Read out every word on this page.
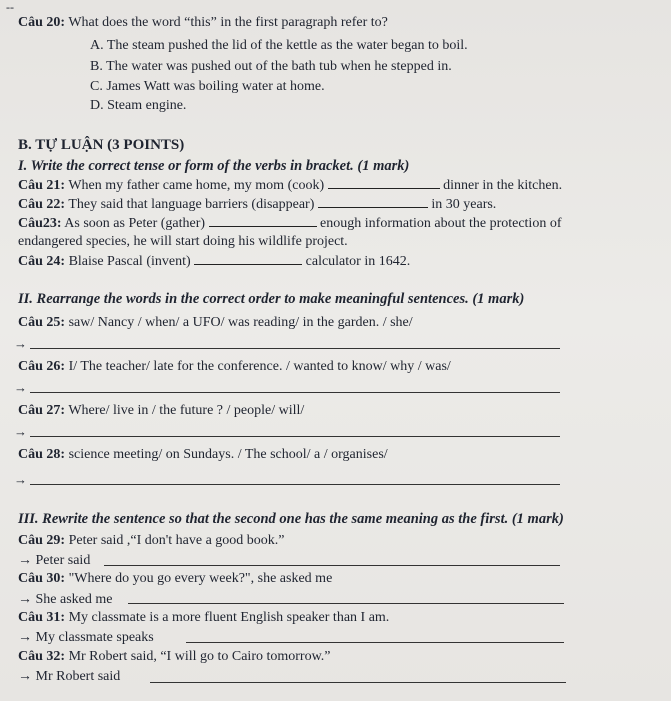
--
Câu 20: What does the word “this” in the first paragraph refer to?
A. The steam pushed the lid of the kettle as the water began to boil.
B. The water was pushed out of the bath tub when he stepped in.
C. James Watt was boiling water at home.
D. Steam engine.
B. TỰ LUẬN (3 POINTS)
I. Write the correct tense or form of the verbs in bracket. (1 mark)
Câu 21: When my father came home, my mom (cook)	dinner in the kitchen.
Câu 22: They said that language barriers (disappear)	in 30 years.
Câu23: As soon as Peter (gather)	enough information about the protection of
endangered species, he will start doing his wildlife project.
Câu 24: Blaise Pascal (invent)	calculator in 1642.
II. Rearrange the words in the correct order to make meaningful sentences. (1 mark)
Câu 25: saw/ Nancy / when/ a UFO/ was reading/ in the garden. / she/
→
Câu 26: I/ The teacher/ late for the conference. / wanted to know/ why / was/
→
Câu 27: Where/ live in / the future ? / people/ will/
→
Câu 28: science meeting/ on Sundays. / The school/ a / organises/
→
III. Rewrite the sentence so that the second one has the same meaning as the first. (1 mark)
Câu 29: Peter said ,“I don't have a good book.”
→ Peter said
Câu 30: "Where do you go every week?", she asked me
→ She asked me
Câu 31: My classmate is a more fluent English speaker than I am.
→ My classmate speaks
Câu 32: Mr Robert said, “I will go to Cairo tomorrow.”
→ Mr Robert said
